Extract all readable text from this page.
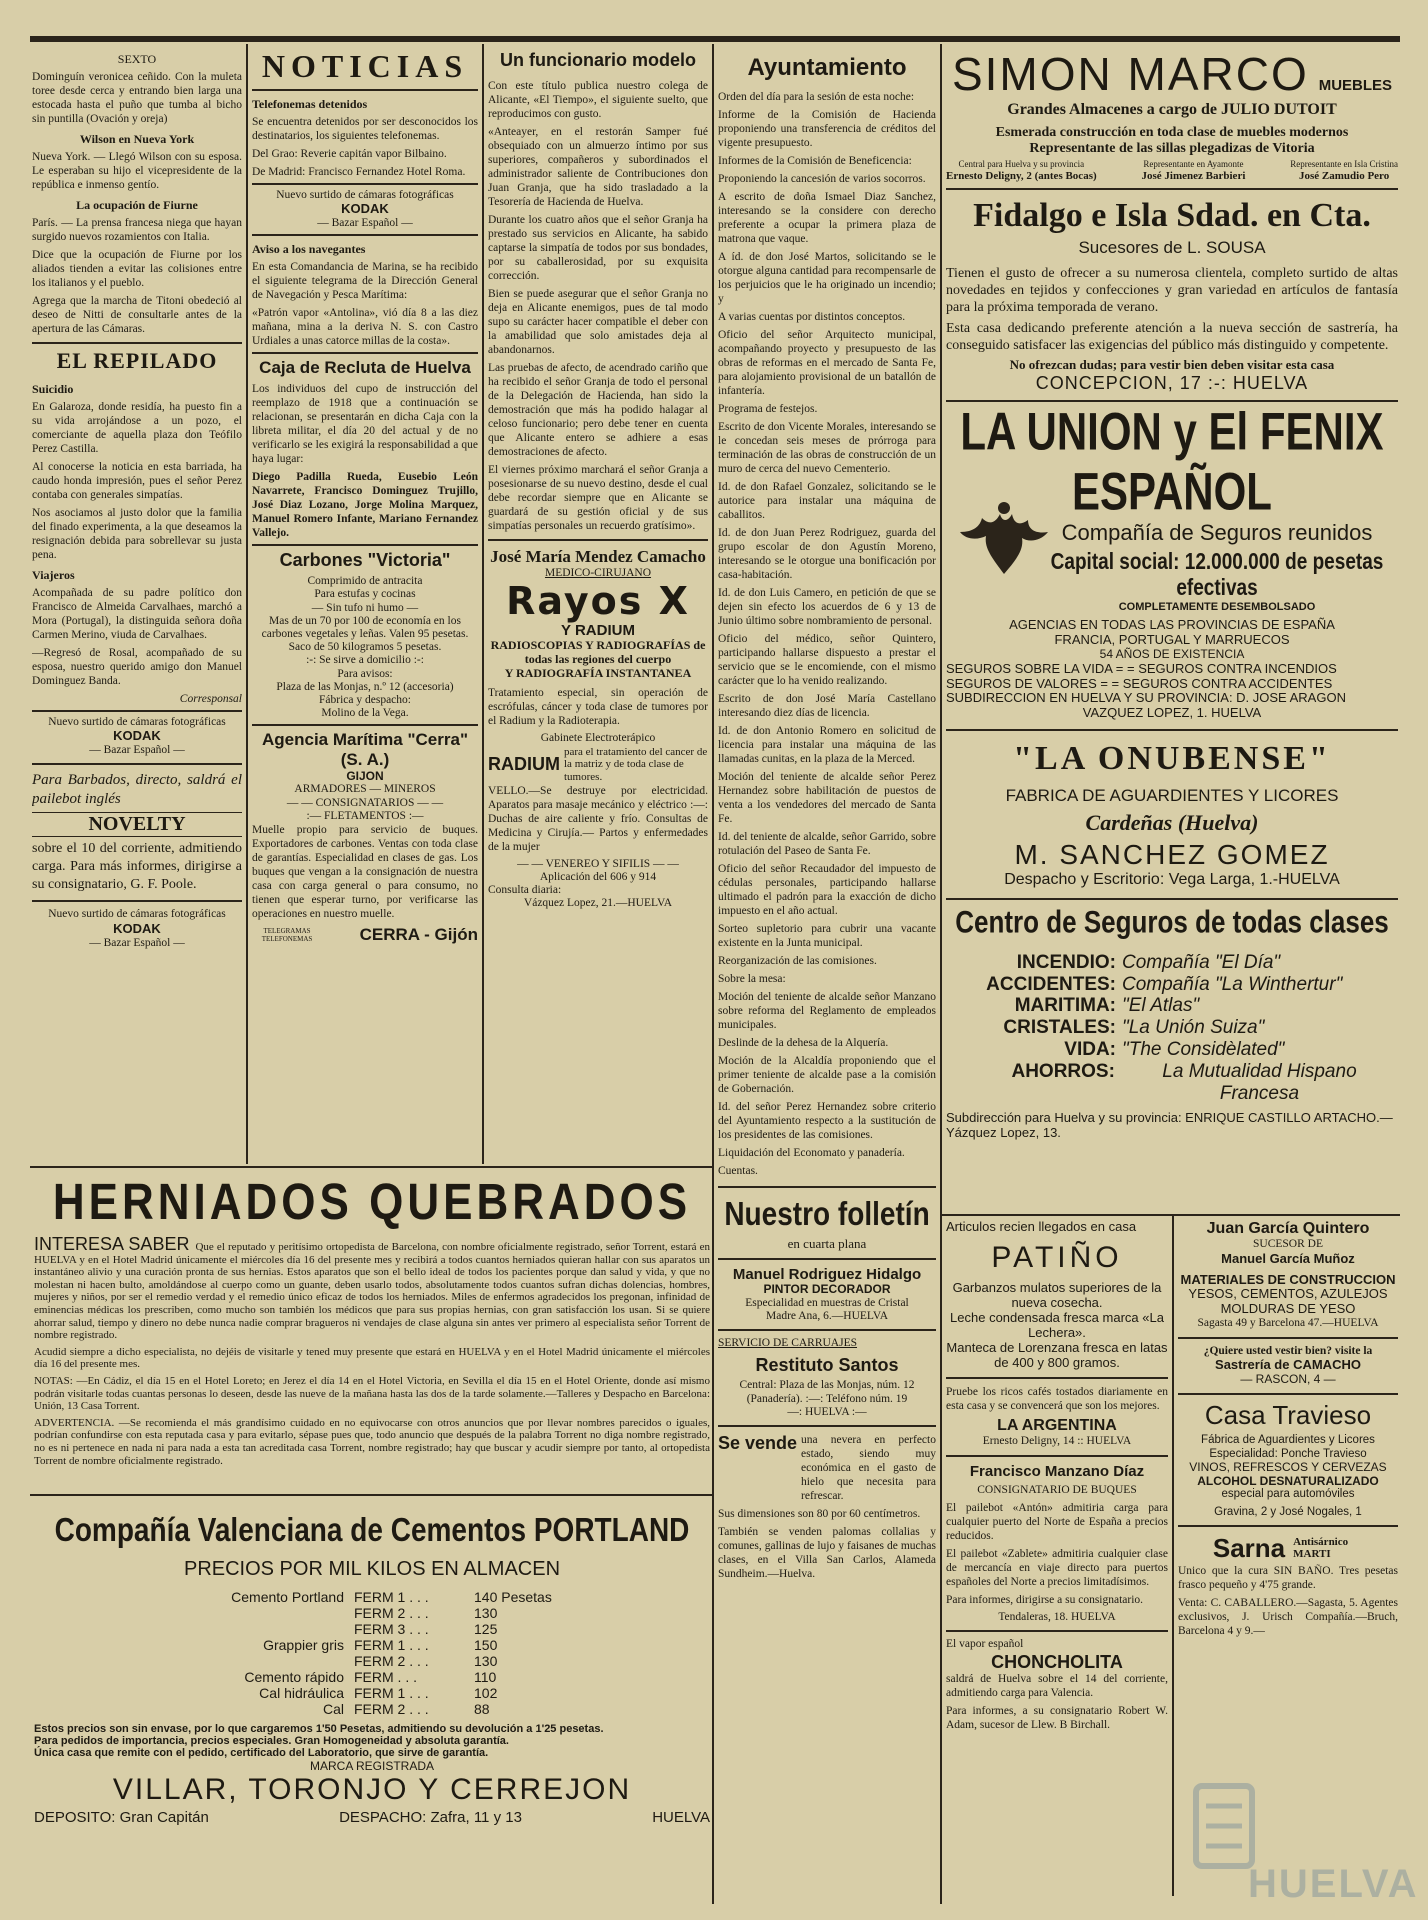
SEXTO

Dominguín veronicea ceñido. Con la muleta toree desde cerca y entrando bien larga una estocada hasta el puño que tumba al bicho sin puntilla (Ovación y oreja)

Wilson en Nueva York

Nueva York. — Llegó Wilson con su esposa. Le esperaban su hijo el vicepresidente de la república e inmenso gentío.

La ocupación de Fiurne

París. — La prensa francesa niega que hayan surgido nuevos rozamientos con Italia.

Dice que la ocupación de Fiurne por los aliados tienden a evitar las colisiones entre los italianos y el pueblo.

Agrega que la marcha de Titoni obedeció al deseo de Nitti de consultarle antes de la apertura de las Cámaras.

EL REPILADO
Suicidio

En Galaroza, donde residía, ha puesto fin a su vida arrojándose a un pozo, el comerciante de aquella plaza don Teófilo Perez Castilla.

Al conocerse la noticia en esta barriada, ha caudo honda impresión, pues el señor Perez contaba con generales simpatías.

Nos asociamos al justo dolor que la familia del finado experimenta, a la que deseamos la resignación debida para sobrellevar su justa pena.

Viajeros

Acompañada de su padre político don Francisco de Almeida Carvalhaes, marchó a Mora (Portugal), la distinguida señora doña Carmen Merino, viuda de Carvalhaes.

—Regresó de Rosal, acompañado de su esposa, nuestro querido amigo don Manuel Dominguez Banda.

Corresponsal

Nuevo surtido de cámaras fotográficas
KODAK
— Bazar Español —
Para Barbados, directo, saldrá el pailebot inglés
NOVELTY
sobre el 10 del corriente, admitiendo carga. Para más informes, dirigirse a su consignatario, G. F. Poole.
Nuevo surtido de cámaras fotográficas
KODAK
— Bazar Español —
NOTICIAS
Telefonemas detenidos

Se encuentra detenidos por ser desconocidos los destinatarios, los siguientes telefonemas.

Del Grao: Reverie capitán vapor Bilbaino.

De Madrid: Francisco Fernandez Hotel Roma.

Nuevo surtido de cámaras fotográficas
KODAK
— Bazar Español —
Aviso a los navegantes

En esta Comandancia de Marina, se ha recibido el siguiente telegrama de la Dirección General de Navegación y Pesca Marítima:

«Patrón vapor «Antolina», vió día 8 a las diez mañana, mina a la deriva N. S. con Castro Urdiales a unas catorce millas de la costa».

Caja de Recluta de Huelva

Los individuos del cupo de instrucción del reemplazo de 1918 que a continuación se relacionan, se presentarán en dicha Caja con la libreta militar, el día 20 del actual y de no verificarlo se les exigirá la responsabilidad a que haya lugar:

Diego Padilla Rueda, Eusebio León Navarrete, Francisco Dominguez Trujillo, José Diaz Lozano, Jorge Molina Marquez, Manuel Romero Infante, Mariano Fernandez Vallejo.

Carbones "Victoria"
Comprimido de antracita
Para estufas y cocinas
— Sin tufo ni humo —
Mas de un 70 por 100 de economía en los carbones vegetales y leñas. Valen 95 pesetas.
Saco de 50 kilogramos 5 pesetas.
:-: Se sirve a domicilio :-:
Para avisos:
Plaza de las Monjas, n.º 12 (accesoria)
Fábrica y despacho:
Molino de la Vega.
Agencia Marítima "Cerra" (S. A.)
GIJON
ARMADORES — MINEROS
— — CONSIGNATARIOS — —
:— FLETAMENTOS :—

Muelle propio para servicio de buques. Exportadores de carbones. Ventas con toda clase de garantías. Especialidad en clases de gas. Los buques que vengan a la consignación de nuestra casa con carga general o para consumo, no tienen que esperar turno, por verificarse las operaciones en nuestro muelle.

TELEGRAMAS TELEFONEMAS	CERRA - Gijón
Un funcionario modelo

Con este título publica nuestro colega de Alicante, «El Tiempo», el siguiente suelto, que reproducimos con gusto.

«Anteayer, en el restorán Samper fué obsequiado con un almuerzo íntimo por sus superiores, compañeros y subordinados el administrador saliente de Contribuciones don Juan Granja, que ha sido trasladado a la Tesorería de Hacienda de Huelva.

Durante los cuatro años que el señor Granja ha prestado sus servicios en Alicante, ha sabido captarse la simpatía de todos por sus bondades, por su caballerosidad, por su exquisita corrección.

Bien se puede asegurar que el señor Granja no deja en Alicante enemigos, pues de tal modo supo su carácter hacer compatible el deber con la amabilidad que solo amistades deja al abandonarnos.

Las pruebas de afecto, de acendrado cariño que ha recibido el señor Granja de todo el personal de la Delegación de Hacienda, han sido la demostración que más ha podido halagar al celoso funcionario; pero debe tener en cuenta que Alicante entero se adhiere a esas demostraciones de afecto.

El viernes próximo marchará el señor Granja a posesionarse de su nuevo destino, desde el cual debe recordar siempre que en Alicante se guardará de su gestión oficial y de sus simpatías personales un recuerdo gratísimo».

José María Mendez Camacho
MEDICO-CIRUJANO
Rayos X
Y RADIUM
RADIOSCOPIAS Y RADIOGRAFÍAS de todas las regiones del cuerpo
Y RADIOGRAFÍA INSTANTANEA

Tratamiento especial, sin operación de escrófulas, cáncer y toda clase de tumores por el Radium y la Radioterapia.

Gabinete Electroterápico
RADIUM
para el tratamiento del cancer de la matriz y de toda clase de tumores.

VELLO.—Se destruye por electricidad. Aparatos para masaje mecánico y eléctrico :—: Duchas de aire caliente y frío. Consultas de Medicina y Cirujía.— Partos y enfermedades de la mujer

— — VENEREO Y SIFILIS — —
Aplicación del 606 y 914
Consulta diaria:
Vázquez Lopez, 21.—HUELVA
Ayuntamiento

Orden del día para la sesión de esta noche:

Informe de la Comisión de Hacienda proponiendo una transferencia de créditos del vigente presupuesto.

Informes de la Comisión de Beneficencia:

Proponiendo la cancesión de varios socorros.

A escrito de doña Ismael Diaz Sanchez, interesando se la considere con derecho preferente a ocupar la primera plaza de matrona que vaque.

A íd. de don José Martos, solicitando se le otorgue alguna cantidad para recompensarle de los perjuicios que le ha originado un incendio; y

A varias cuentas por distintos conceptos.

Oficio del señor Arquitecto municipal, acompañando proyecto y presupuesto de las obras de reformas en el mercado de Santa Fe, para alojamiento provisional de un batallón de infantería.

Programa de festejos.

Escrito de don Vicente Morales, interesando se le concedan seis meses de prórroga para terminación de las obras de construcción de un muro de cerca del nuevo Cementerio.

Id. de don Rafael Gonzalez, solicitando se le autorice para instalar una máquina de caballitos.

Id. de don Juan Perez Rodriguez, guarda del grupo escolar de don Agustín Moreno, interesando se le otorgue una bonificación por casa-habitación.

Id. de don Luis Camero, en petición de que se dejen sin efecto los acuerdos de 6 y 13 de Junio último sobre nombramiento de personal.

Oficio del médico, señor Quintero, participando hallarse dispuesto a prestar el servicio que se le encomiende, con el mismo carácter que lo ha venido realizando.

Escrito de don José María Castellano interesando diez días de licencia.

Id. de don Antonio Romero en solicitud de licencia para instalar una máquina de las llamadas cunitas, en la plaza de la Merced.

Moción del teniente de alcalde señor Perez Hernandez sobre habilitación de puestos de venta a los vendedores del mercado de Santa Fe.

Id. del teniente de alcalde, señor Garrido, sobre rotulación del Paseo de Santa Fe.

Oficio del señor Recaudador del impuesto de cédulas personales, participando hallarse ultimado el padrón para la exacción de dicho impuesto en el año actual.

Sorteo supletorio para cubrir una vacante existente en la Junta municipal.

Reorganización de las comisiones.

Sobre la mesa:

Moción del teniente de alcalde señor Manzano sobre reforma del Reglamento de empleados municipales.

Deslinde de la dehesa de la Alquería.

Moción de la Alcaldía proponiendo que el primer teniente de alcalde pase a la comisión de Gobernación.

Id. del señor Perez Hernandez sobre criterio del Ayuntamiento respecto a la sustitución de los presidentes de las comisiones.

Liquidación del Economato y panadería.

Cuentas.

Nuestro folletín
en cuarta plana
Manuel Rodriguez Hidalgo
PINTOR DECORADOR
Especialidad en muestras de Cristal
Madre Ana, 6.—HUELVA
SERVICIO DE CARRUAJES
Restituto Santos
Central: Plaza de las Monjas, núm. 12 (Panadería). :—: Teléfono núm. 19
—: HUELVA :—
Se vende una nevera en perfecto estado, siendo muy económica en el gasto de hielo que necesita para refrescar.

Sus dimensiones son 80 por 60 centímetros.

También se venden palomas collalias y comunes, gallinas de lujo y faisanes de muchas clases, en el Villa San Carlos, Alameda Sundheim.—Huelva.

SIMON MARCO MUEBLES
Grandes Almacenes a cargo de JULIO DUTOIT
Esmerada construcción en toda clase de muebles modernos
Representante de las sillas plegadizas de Vitoria
Central para Huelva y su provincia
Ernesto Deligny, 2 (antes Bocas)
Representante en Ayamonte
José Jimenez Barbieri
Representante en Isla Cristina
José Zamudio Pero
Fidalgo e Isla Sdad. en Cta.
Sucesores de L. SOUSA

Tienen el gusto de ofrecer a su numerosa clientela, completo surtido de altas novedades en tejidos y confecciones y gran variedad en artículos de fantasía para la próxima temporada de verano.

Esta casa dedicando preferente atención a la nueva sección de sastrería, ha conseguido satisfacer las exigencias del público más distinguido y competente.

No ofrezcan dudas; para vestir bien deben visitar esta casa
CONCEPCION, 17 :-: HUELVA
LA UNION y El FENIX ESPAÑOL
Compañía de Seguros reunidos
Capital social: 12.000.000 de pesetas efectivas
COMPLETAMENTE DESEMBOLSADO
AGENCIAS EN TODAS LAS PROVINCIAS DE ESPAÑA
FRANCIA, PORTUGAL Y MARRUECOS
54 AÑOS DE EXISTENCIA
SEGUROS SOBRE LA VIDA = = SEGUROS CONTRA INCENDIOS
SEGUROS DE VALORES = = SEGUROS CONTRA ACCIDENTES
SUBDIRECCION EN HUELVA Y SU PROVINCIA: D. JOSE ARAGON
VAZQUEZ LOPEZ, 1. HUELVA
"LA ONUBENSE"
FABRICA DE AGUARDIENTES Y LICORES
Cardeñas (Huelva)
M. SANCHEZ GOMEZ
Despacho y Escritorio: Vega Larga, 1.-HUELVA
Centro de Seguros de todas clases
INCENDIO: Compañía "El Día"
ACCIDENTES: Compañía "La Winthertur"
MARITIMA: "El Atlas"
CRISTALES: "La Unión Suiza"
VIDA: "The Considèlated"
AHORROS:	La Mutualidad Hispano Francesa
Subdirección para Huelva y su provincia: ENRIQUE CASTILLO ARTACHO.—Yázquez Lopez, 13.
Articulos recien llegados en casa
PATIÑO
Garbanzos mulatos superiores de la nueva cosecha.
Leche condensada fresca marca «La Lechera».
Manteca de Lorenzana fresca en latas de 400 y 800 gramos.

Pruebe los ricos cafés tostados diariamente en esta casa y se convencerá que son los mejores.

LA ARGENTINA
Ernesto Deligny, 14 :: HUELVA
Francisco Manzano Díaz
CONSIGNATARIO DE BUQUES

El pailebot «Antón» admitiria carga para cualquier puerto del Norte de España a precios reducidos.

El pailebot «Zablete» admitiria cualquier clase de mercancía en viaje directo para puertos españoles del Norte a precios limitadísimos.

Para informes, dirigirse a su consignatario.

Tendaleras, 18. HUELVA
El vapor español
CHONCHOLITA

saldrá de Huelva sobre el 14 del corriente, admitiendo carga para Valencia.

Para informes, a su consignatario Robert W. Adam, sucesor de Llew. B Birchall.

Juan García Quintero
SUCESOR DE
Manuel García Muñoz
MATERIALES DE CONSTRUCCION
YESOS, CEMENTOS, AZULEJOS
MOLDURAS DE YESO
Sagasta 49 y Barcelona 47.—HUELVA
¿Quiere usted vestir bien? visite la
Sastrería de CAMACHO
— RASCON, 4 —
Casa Travieso
Fábrica de Aguardientes y Licores
Especialidad: Ponche Travieso
VINOS, REFRESCOS Y CERVEZAS
ALCOHOL DESNATURALIZADO
especial para automóviles
Gravina, 2 y José Nogales, 1
Sarna Antisárnico MARTI

Unico que la cura SIN BAÑO. Tres pesetas frasco pequeño y 4'75 grande.

Venta: C. CABALLERO.—Sagasta, 5. Agentes exclusivos, J. Urisch Compañía.—Bruch, Barcelona 4 y 9.—

HERNIADOS QUEBRADOS

INTERESA SABER Que el reputado y peritísimo ortopedista de Barcelona, con nombre oficialmente registrado, señor Torrent, estará en HUELVA y en el Hotel Madrid únicamente el miércoles día 16 del presente mes y recibirá a todos cuantos herniados quieran hallar con sus aparatos un instantáneo alivio y una curación pronta de sus hernias. Estos aparatos que son el bello ideal de todos los pacientes porque dan salud y vida, y que no molestan ni hacen bulto, amoldándose al cuerpo como un guante, deben usarlo todos, absolutamente todos cuantos sufran dichas dolencias, hombres, mujeres y niños, por ser el remedio verdad y el remedio único eficaz de todos los herniados. Miles de enfermos agradecidos los pregonan, infinidad de eminencias médicas los prescriben, como mucho son también los médicos que para sus propias hernias, con gran satisfacción los usan. Si se quiere ahorrar salud, tiempo y dinero no debe nunca nadie comprar bragueros ni vendajes de clase alguna sin antes ver primero al especialista señor Torrent de nombre registrado.

Acudid siempre a dicho especialista, no dejéis de visitarle y tened muy presente que estará en HUELVA y en el Hotel Madrid únicamente el miércoles día 16 del presente mes.

NOTAS: —En Cádiz, el día 15 en el Hotel Loreto; en Jerez el día 14 en el Hotel Victoria, en Sevilla el día 15 en el Hotel Oriente, donde así mismo podrán visitarle todas cuantas personas lo deseen, desde las nueve de la mañana hasta las dos de la tarde solamente.—Talleres y Despacho en Barcelona: Unión, 13 Casa Torrent.

ADVERTENCIA. —Se recomienda el más grandísimo cuidado en no equivocarse con otros anuncios que por llevar nombres parecidos o iguales, podrían confundirse con esta reputada casa y para evitarlo, sépase pues que, todo anuncio que después de la palabra Torrent no diga nombre registrado, no es ni pertenece en nada ni para nada a esta tan acreditada casa Torrent, nombre registrado; hay que buscar y acudir siempre por tanto, al ortopedista Torrent de nombre oficialmente registrado.

Compañía Valenciana de Cementos PORTLAND
PRECIOS POR MIL KILOS EN ALMACEN
Cemento Portland FERM 1 . . .	140 Pesetas
FERM 2 . . .	130
FERM 3 . . .	125
Grappier gris FERM 1 . . .	150
FERM 2 . . .	130
Cemento rápido FERM . . .	110
Cal hidráulica FERM 1 . . .	102
Cal FERM 2 . . .	88
Estos precios son sin envase, por lo que cargaremos 1'50 Pesetas, admitiendo su devolución a 1'25 pesetas.
Para pedidos de importancia, precios especiales. Gran Homogeneidad y absoluta garantía.
Única casa que remite con el pedido, certificado del Laboratorio, que sirve de garantía.
MARCA REGISTRADA
VILLAR, TORONJO Y CERREJON
DEPOSITO: Gran Capitán	DESPACHO: Zafra, 11 y 13	HUELVA
HUELVA
